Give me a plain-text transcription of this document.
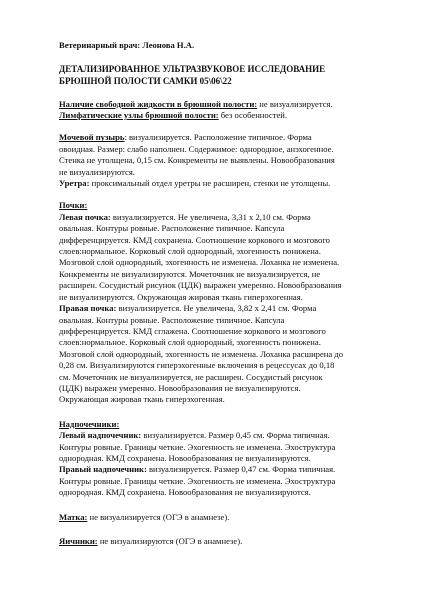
Ветеринарный врач: Леонова Н.А.

ДЕТАЛИЗИРОВАННОЕ УЛЬТРАЗВУКОВОЕ ИССЛЕДОВАНИЕ

БРЮШНОЙ ПОЛОСТИ САМКИ 05\06\22

Наличие свободной жидкости в брюшной полости: не визуализируется.

Лимфатические узлы брюшной полости: без особенностей.

Мочевой пузырь: визуализируется. Расположение типичное. Форма

овоидная. Размер: слабо наполнен. Содержимое: однородное, анэхогенное.

Стенка не утолщена, 0,15 см. Конкременты не выявлены. Новообразования

не визуализируются.

Уретра: проксимальный отдел уретры не расширен, стенки не утолщены.

Почки:

Левая почка: визуализируется. Не увеличена, 3,31 х 2,10 см. Форма

овальная. Контуры ровные. Расположение типичное. Капсула

дифференцируется. КМД сохранена. Соотношение коркового и мозгового

слоев:нормальное. Корковый слой однородный, эхогенность понижена.

Мозговой слой однородный, эхогенность не изменена. Лоханка не изменена.

Конкременты не визуализируются. Мочеточник не визуализируется, не

расширен. Сосудистый рисунок (ЦДК) выражен умеренно. Новообразования

не визуализируются. Окружающая жировая ткань гиперэхогенная.

Правая почка: визуализируется. Не увеличена, 3,82 х 2,41 см. Форма

овальная. Контуры ровные. Расположение типичное. Капсула

дифференцируется. КМД сглажена. Соотношение коркового и мозгового

слоев:нормальное. Корковый слой однородный, эхогенность понижена.

Мозговой слой однородный, эхогенность не изменена. Лоханка расширена до

0,28 см. Визуализируются гиперэхогенные включения в рецессусах до 0,18

см. Мочеточник не визуализируется, не расширен. Сосудистый рисунок

(ЦДК) выражен умеренно. Новообразования не визуализируются.

Окружающая жировая ткань гиперэхогенная.

Надпочечники:

Левый надпочечник: визуализируется. Размер 0,45 см. Форма типичная.

Контуры ровные. Границы четкие. Эхогенность не изменена. Эхоструктура

однородная. КМД сохранена. Новообразования не визуализируются.

Правый надпочечник: визуализируется. Размер 0,47 см. Форма типичная.

Контуры ровные. Границы четкие. Эхогенность не изменена. Эхоструктура

однородная. КМД сохранена. Новообразования не визуализируются.

Матка: не визуализируется (ОГЭ в анамнезе).

Яичники: не визуализируются (ОГЭ в анамнезе).
